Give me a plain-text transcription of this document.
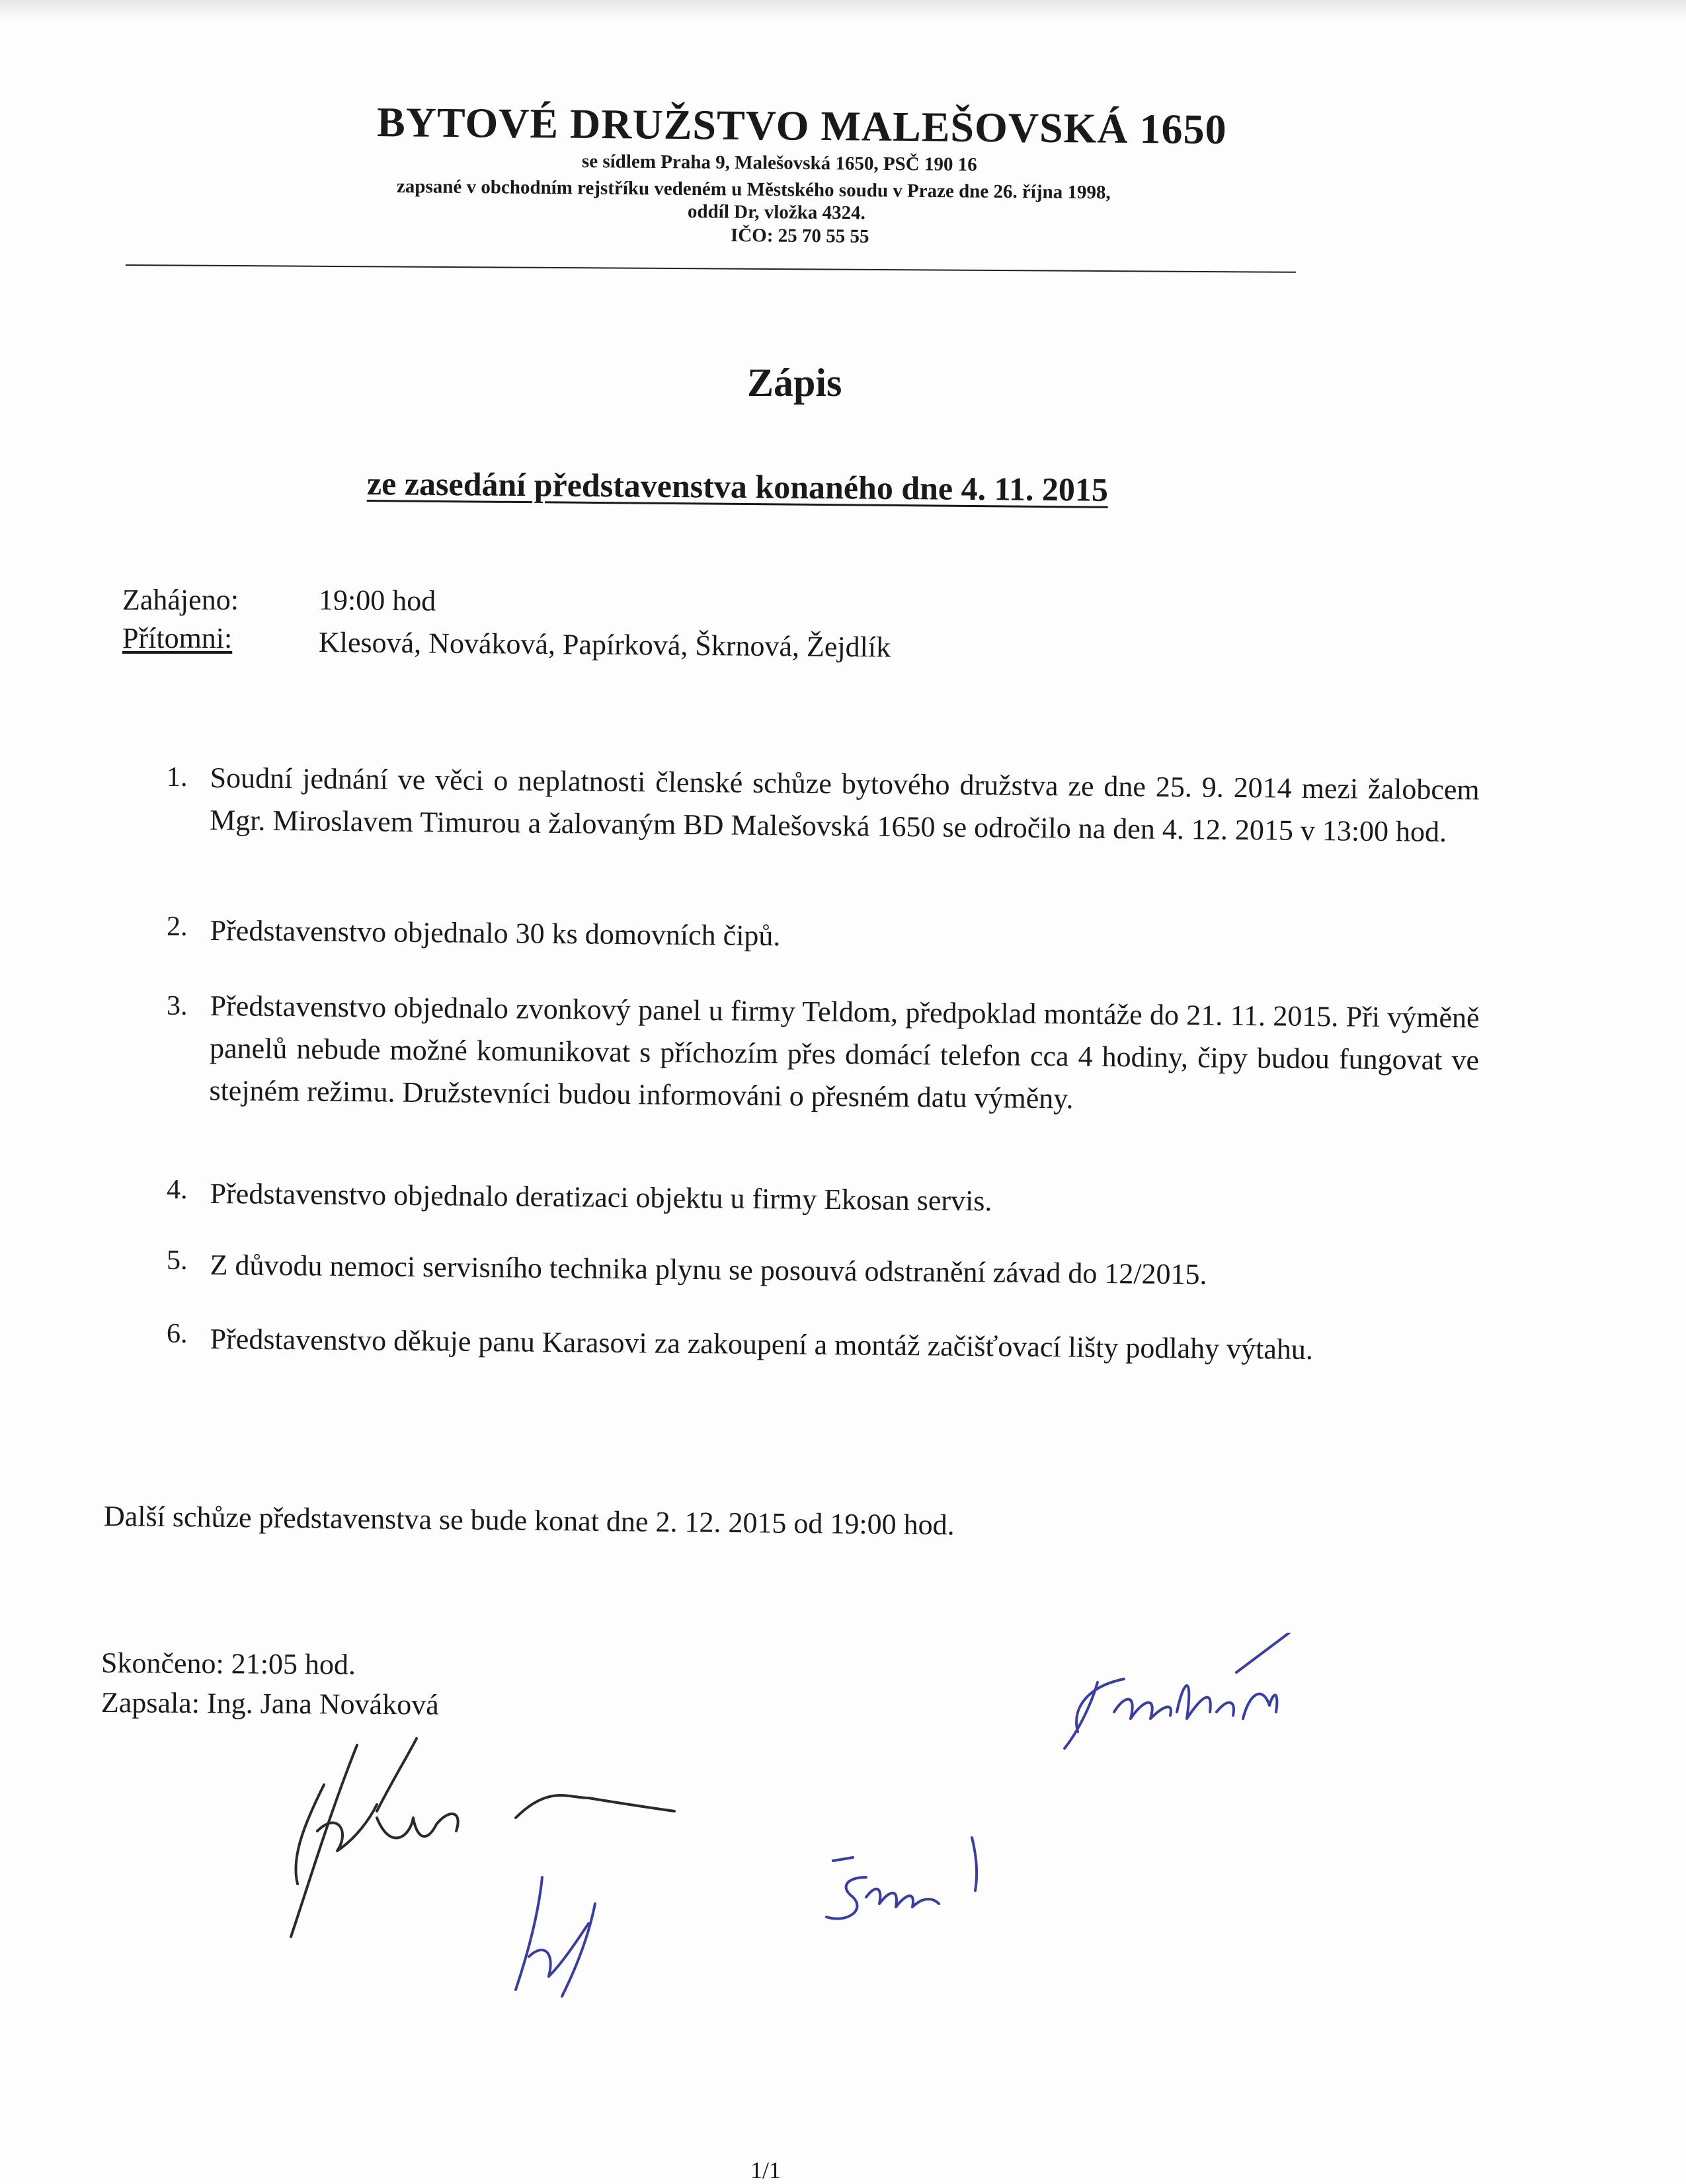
BYTOVÉ DRUŽSTVO MALEŠOVSKÁ 1650
se sídlem Praha 9, Malešovská 1650, PSČ 190 16
zapsané v obchodním rejstříku vedeném u Městského soudu v Praze dne 26. října 1998,
oddíl Dr, vložka 4324.
IČO: 25 70 55 55
Zápis
ze zasedání představenstva konaného dne 4. 11. 2015
Zahájeno:	19:00 hod
Přítomni:	Klesová, Nováková, Papírková, Škrnová, Žejdlík
1. Soudní jednání ve věci o neplatnosti členské schůze bytového družstva ze dne 25. 9. 2014 mezi žalobcem Mgr. Miroslavem Timurou a žalovaným BD Malešovská 1650 se odročilo na den 4. 12. 2015 v 13:00 hod.
2. Představenstvo objednalo 30 ks domovních čipů.
3. Představenstvo objednalo zvonkový panel u firmy Teldom, předpoklad montáže do 21. 11. 2015. Při výměně panelů nebude možné komunikovat s příchozím přes domácí telefon cca 4 hodiny, čipy budou fungovat ve stejném režimu. Družstevníci budou informováni o přesném datu výměny.
4. Představenstvo objednalo deratizaci objektu u firmy Ekosan servis.
5. Z důvodu nemoci servisního technika plynu se posouvá odstranění závad do 12/2015.
6. Představenstvo děkuje panu Karasovi za zakoupení a montáž začišťovací lišty podlahy výtahu.
Další schůze představenstva se bude konat dne 2. 12. 2015 od 19:00 hod.
Skončeno: 21:05 hod.
Zapsala: Ing. Jana Nováková
1/1
